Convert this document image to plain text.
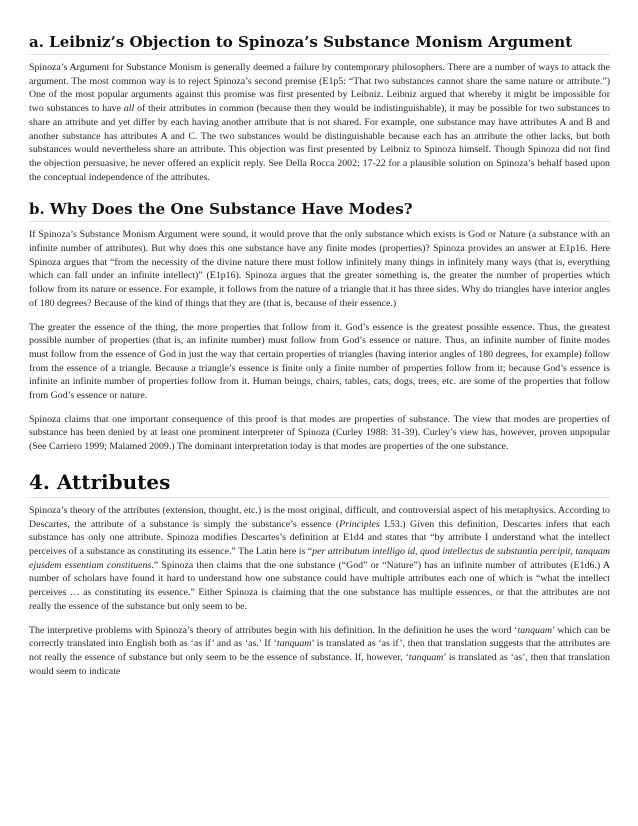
a. Leibniz’s Objection to Spinoza’s Substance Monism Argument

Spinoza’s Argument for Substance Monism is generally deemed a failure by contemporary philosophers. There are a number of ways to attack the argument. The most common way is to reject Spinoza’s second premise (E1p5: “That two substances cannot share the same nature or attribute.”) One of the most popular arguments against this promise was first presented by Leibniz. Leibniz argued that whereby it might be impossible for two substances to have all of their attributes in common (because then they would be indistinguishable), it may be possible for two substances to share an attribute and yet differ by each having another attribute that is not shared. For example, one substance may have attributes A and B and another substance has attributes A and C. The two substances would be distinguishable because each has an attribute the other lacks, but both substances would nevertheless share an attribute. This objection was first presented by Leibniz to Spinoza himself. Though Spinoza did not find the objection persuasive, he never offered an explicit reply. See Della Rocca 2002: 17-22 for a plausible solution on Spinoza’s behalf based upon the conceptual independence of the attributes.

b. Why Does the One Substance Have Modes?

If Spinoza’s Substance Monism Argument were sound, it would prove that the only substance which exists is God or Nature (a substance with an infinite number of attributes). But why does this one substance have any finite modes (properties)? Spinoza provides an answer at E1p16. Here Spinoza argues that “from the necessity of the divine nature there must follow infinitely many things in infinitely many ways (that is, everything which can fall under an infinite intellect)” (E1p16). Spinoza argues that the greater something is, the greater the number of properties which follow from its nature or essence. For example, it follows from the nature of a triangle that it has three sides. Why do triangles have interior angles of 180 degrees? Because of the kind of things that they are (that is, because of their essence.)

The greater the essence of the thing, the more properties that follow from it. God’s essence is the greatest possible essence. Thus, the greatest possible number of properties (that is, an infinite number) must follow from God’s essence or nature. Thus, an infinite number of finite modes must follow from the essence of God in just the way that certain properties of triangles (having interior angles of 180 degrees, for example) follow from the essence of a triangle. Because a triangle’s essence is finite only a finite number of properties follow from it; because God’s essence is infinite an infinite number of properties follow from it. Human beings, chairs, tables, cats, dogs, trees, etc. are some of the properties that follow from God’s essence or nature.

Spinoza claims that one important consequence of this proof is that modes are properties of substance. The view that modes are properties of substance has been denied by at least one prominent interpreter of Spinoza (Curley 1988: 31-39). Curley’s view has, however, proven unpopular (See Carriero 1999; Malamed 2009.) The dominant interpretation today is that modes are properties of the one substance.

4. Attributes

Spinoza’s theory of the attributes (extension, thought, etc.) is the most original, difficult, and controversial aspect of his metaphysics. According to Descartes, the attribute of a substance is simply the substance’s essence (Principles I.53.) Given this definition, Descartes infers that each substance has only one attribute. Spinoza modifies Descartes’s definition at E1d4 and states that “by attribute I understand what the intellect perceives of a substance as constituting its essence.” The Latin here is “per attributum intelligo id, quod intellectus de substantia percipit, tanquam ejusdem essentiam constituens.” Spinoza then claims that the one substance (“God” or “Nature”) has an infinite number of attributes (E1d6.) A number of scholars have found it hard to understand how one substance could have multiple attributes each one of which is “what the intellect perceives … as constituting its essence.” Either Spinoza is claiming that the one substance has multiple essences, or that the attributes are not really the essence of the substance but only seem to be.

The interpretive problems with Spinoza’s theory of attributes begin with his definition. In the definition he uses the word ‘tanquam’ which can be correctly translated into English both as ‘as if’ and as ‘as.’ If ‘tanquam’ is translated as ‘as if’, then that translation suggests that the attributes are not really the essence of substance but only seem to be the essence of substance. If, however, ‘tanquam’ is translated as ‘as’, then that translation would seem to indicate
